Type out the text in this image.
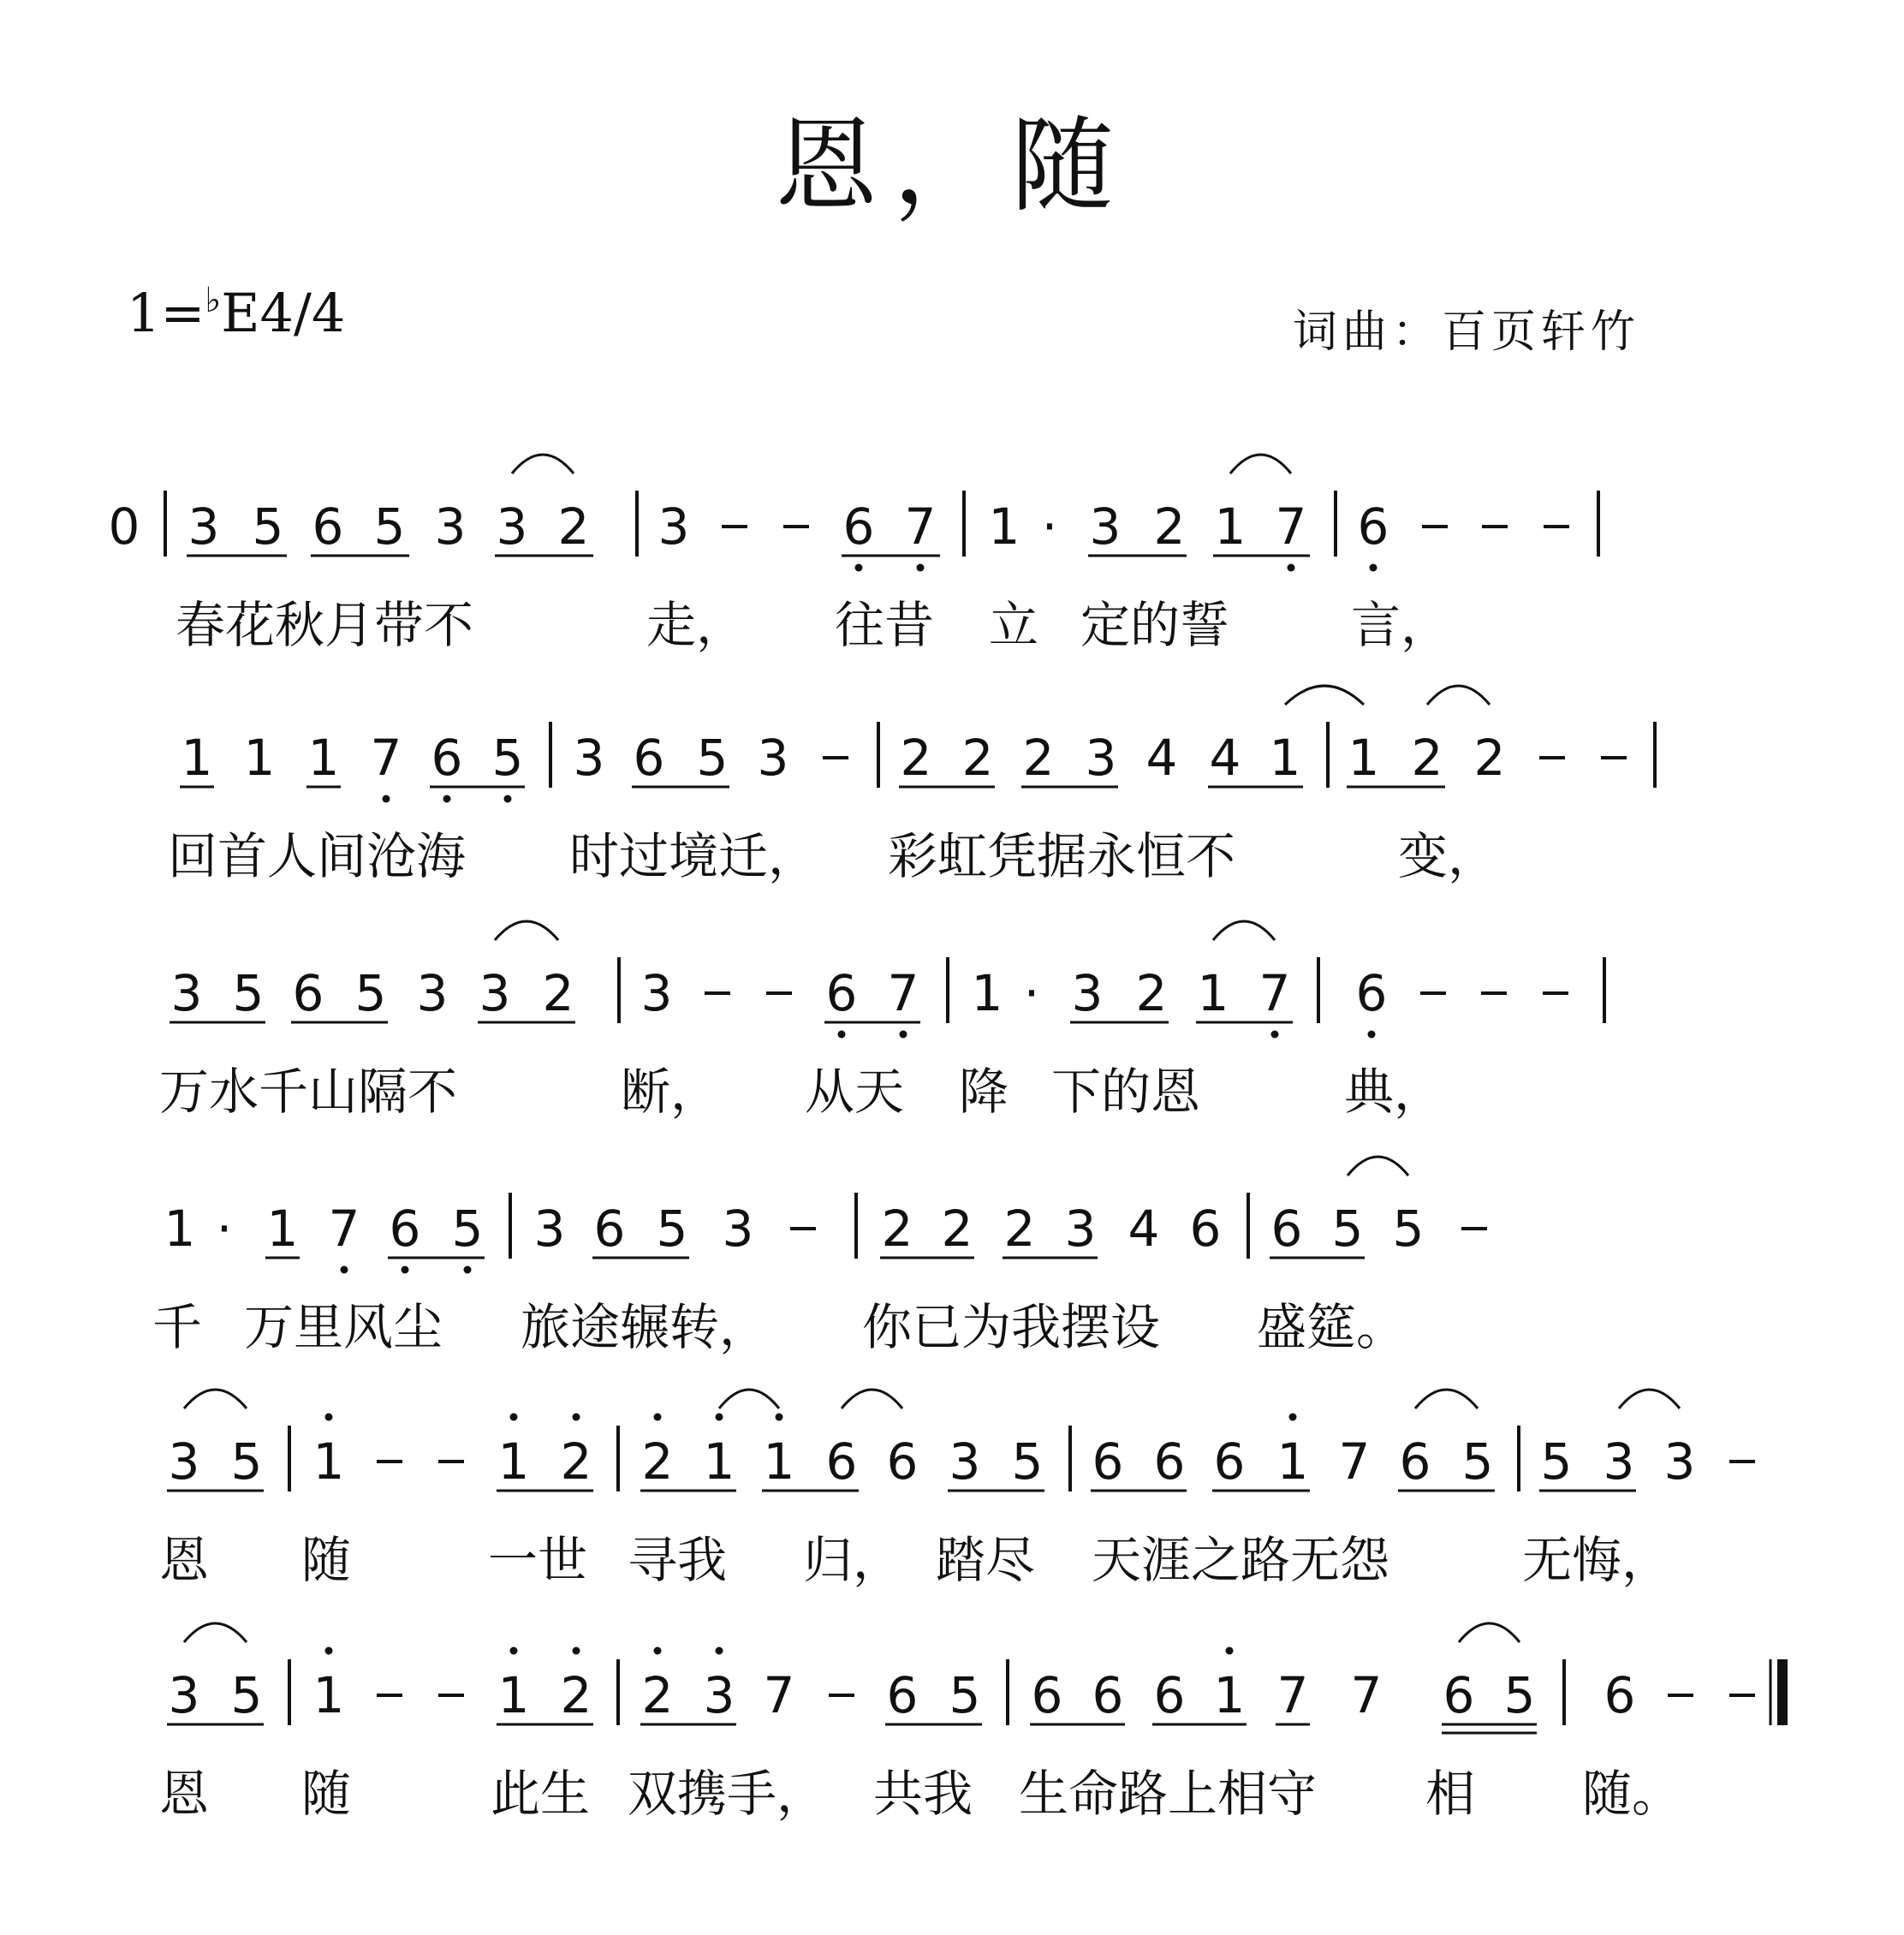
恩，随
1=♭E4/4	词曲：百页轩竹
0 3 5 6 5 3 3 2 3	6 7 1 · 3 2 1 7 6
春花秋月带不	走， 往昔 立 定的誓 言，
1 1 1 7 6 5 3 6 5 3 2 2 2 3 4 4 1 1 2 2
回首人间沧海 时过境迁， 彩虹凭据永恒不	变，
3 5 6 5 3 3 2 3	6 7 1 · 3 2 1 7 6
万水千山隔不	断， 从天 降 下的恩	典，
1 · 1 7 6 5 3 6 5 3	2 2 2 3 4 6 6 5 5
千 万里风尘 旅途辗转， 你已为我摆设 盛筵。
3 5 1	1 2 2 1 1 6 6 3 5 6 6 6 1 7 6 5 5 3 3
恩 随	一世 寻我 归， 踏尽 天涯之路无怨	无悔，
3 5 1	1 2 2 3 7 6 5 6 6 6 1 7 7 6 5 6
恩 随	此生 双携手， 共我 生命路上相守 相 随。
